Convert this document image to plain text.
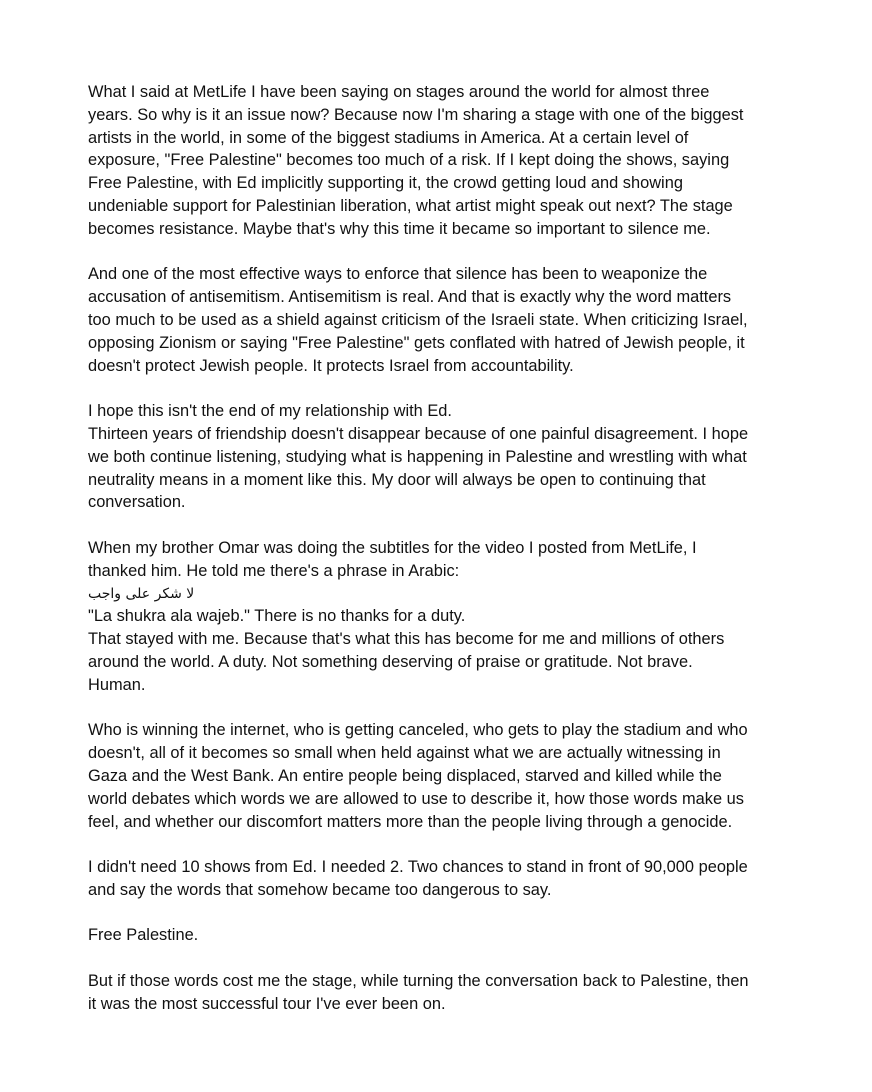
What I said at MetLife I have been saying on stages around the world for almost three
years. So why is it an issue now? Because now I'm sharing a stage with one of the biggest
artists in the world, in some of the biggest stadiums in America. At a certain level of
exposure, "Free Palestine" becomes too much of a risk. If I kept doing the shows, saying
Free Palestine, with Ed implicitly supporting it, the crowd getting loud and showing
undeniable support for Palestinian liberation, what artist might speak out next? The stage
becomes resistance. Maybe that's why this time it became so important to silence me.
And one of the most effective ways to enforce that silence has been to weaponize the
accusation of antisemitism. Antisemitism is real. And that is exactly why the word matters
too much to be used as a shield against criticism of the Israeli state. When criticizing Israel,
opposing Zionism or saying "Free Palestine" gets conflated with hatred of Jewish people, it
doesn't protect Jewish people. It protects Israel from accountability.
I hope this isn't the end of my relationship with Ed.
Thirteen years of friendship doesn't disappear because of one painful disagreement. I hope
we both continue listening, studying what is happening in Palestine and wrestling with what
neutrality means in a moment like this. My door will always be open to continuing that
conversation.
When my brother Omar was doing the subtitles for the video I posted from MetLife, I
thanked him. He told me there's a phrase in Arabic:
لا شكر على واجب
"La shukra ala wajeb." There is no thanks for a duty.
That stayed with me. Because that's what this has become for me and millions of others
around the world. A duty. Not something deserving of praise or gratitude. Not brave.
Human.
Who is winning the internet, who is getting canceled, who gets to play the stadium and who
doesn't, all of it becomes so small when held against what we are actually witnessing in
Gaza and the West Bank. An entire people being displaced, starved and killed while the
world debates which words we are allowed to use to describe it, how those words make us
feel, and whether our discomfort matters more than the people living through a genocide.
I didn't need 10 shows from Ed. I needed 2. Two chances to stand in front of 90,000 people
and say the words that somehow became too dangerous to say.
Free Palestine.
But if those words cost me the stage, while turning the conversation back to Palestine, then
it was the most successful tour I've ever been on.
